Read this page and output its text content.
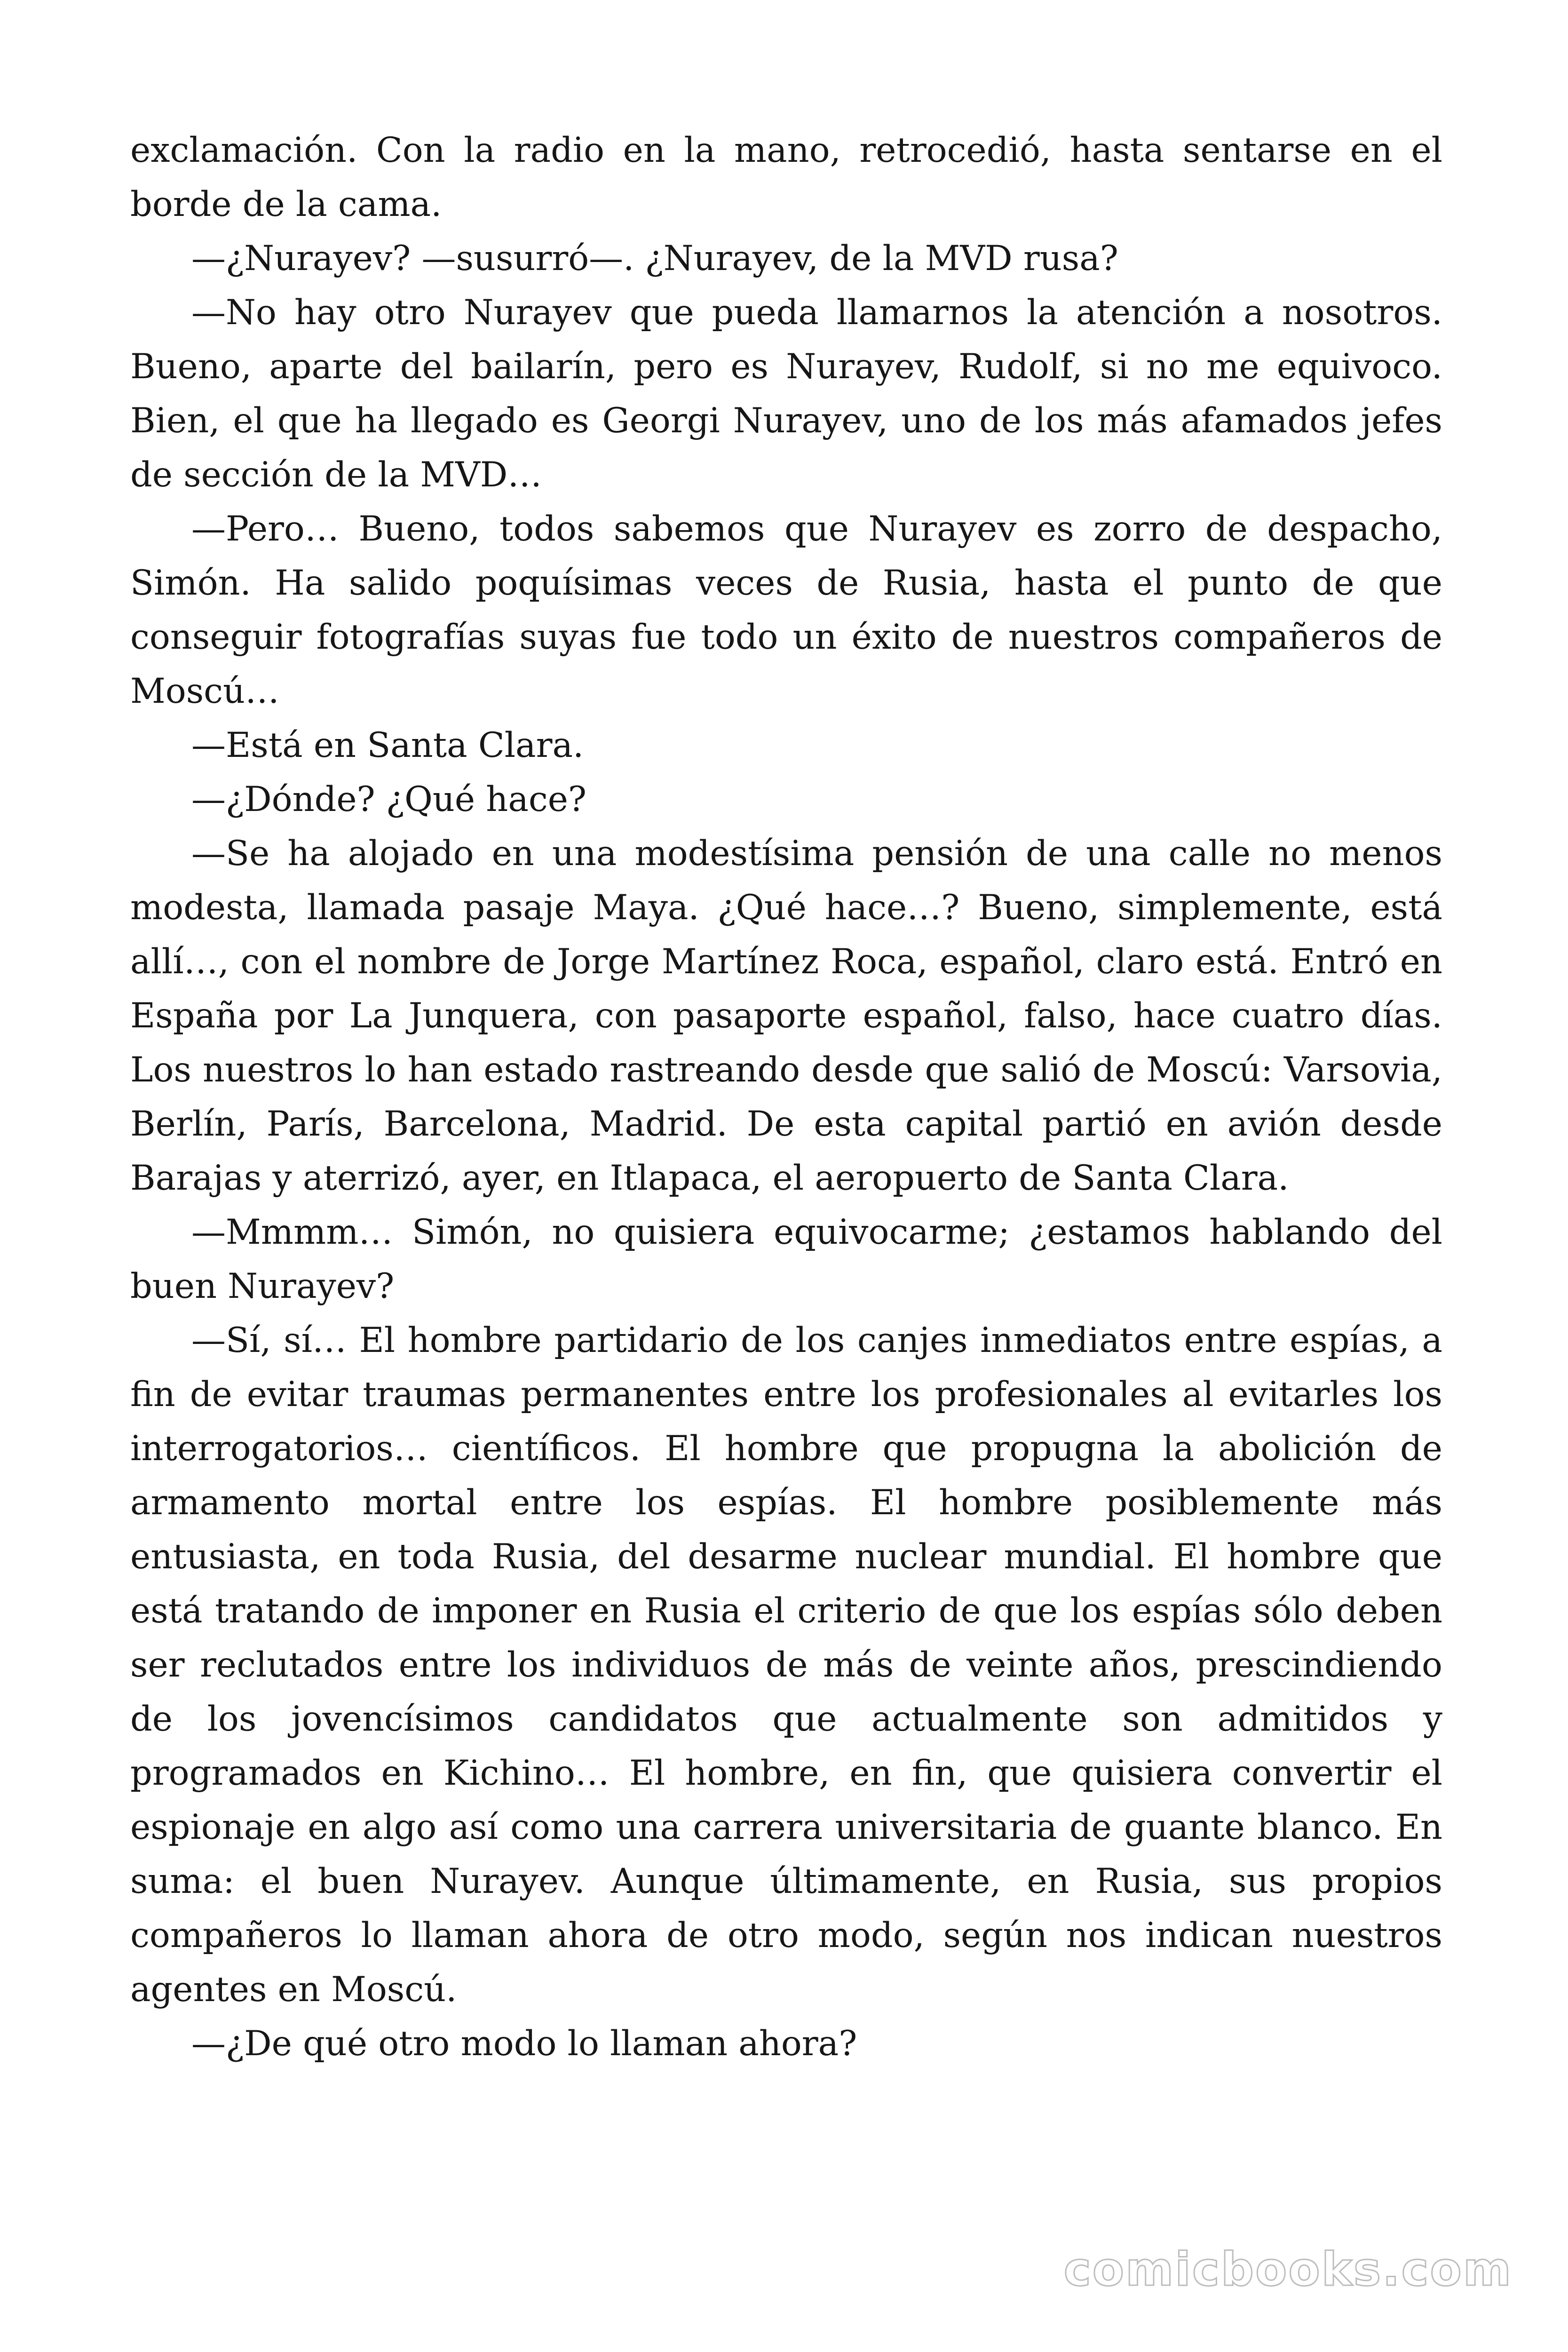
exclamación. Con la radio en la mano, retrocedió, hasta sentarse en el borde de la cama.

—¿Nurayev? —susurró—. ¿Nurayev, de la MVD rusa?

—No hay otro Nurayev que pueda llamarnos la atención a nosotros. Bueno, aparte del bailarín, pero es Nurayev, Rudolf, si no me equivoco. Bien, el que ha llegado es Georgi Nurayev, uno de los más afamados jefes de sección de la MVD…

—Pero… Bueno, todos sabemos que Nurayev es zorro de despacho, Simón. Ha salido poquísimas veces de Rusia, hasta el punto de que conseguir fotografías suyas fue todo un éxito de nuestros compañeros de Moscú…

—Está en Santa Clara.

—¿Dónde? ¿Qué hace?

—Se ha alojado en una modestísima pensión de una calle no menos modesta, llamada pasaje Maya. ¿Qué hace…? Bueno, simplemente, está allí…, con el nombre de Jorge Martínez Roca, español, claro está. Entró en España por La Junquera, con pasaporte español, falso, hace cuatro días. Los nuestros lo han estado rastreando desde que salió de Moscú: Varsovia, Berlín, París, Barcelona, Madrid. De esta capital partió en avión desde Barajas y aterrizó, ayer, en Itlapaca, el aeropuerto de Santa Clara.

—Mmmm… Simón, no quisiera equivocarme; ¿estamos hablando del buen Nurayev?

—Sí, sí… El hombre partidario de los canjes inmediatos entre espías, a fin de evitar traumas permanentes entre los profesionales al evitarles los interrogatorios… científicos. El hombre que propugna la abolición de armamento mortal entre los espías. El hombre posiblemente más entusiasta, en toda Rusia, del desarme nuclear mundial. El hombre que está tratando de imponer en Rusia el criterio de que los espías sólo deben ser reclutados entre los individuos de más de veinte años, prescindiendo de los jovencísimos candidatos que actualmente son admitidos y programados en Kichino… El hombre, en fin, que quisiera convertir el espionaje en algo así como una carrera universitaria de guante blanco. En suma: el buen Nurayev. Aunque últimamente, en Rusia, sus propios compañeros lo llaman ahora de otro modo, según nos indican nuestros agentes en Moscú.

—¿De qué otro modo lo llaman ahora?

comicbooks.com
